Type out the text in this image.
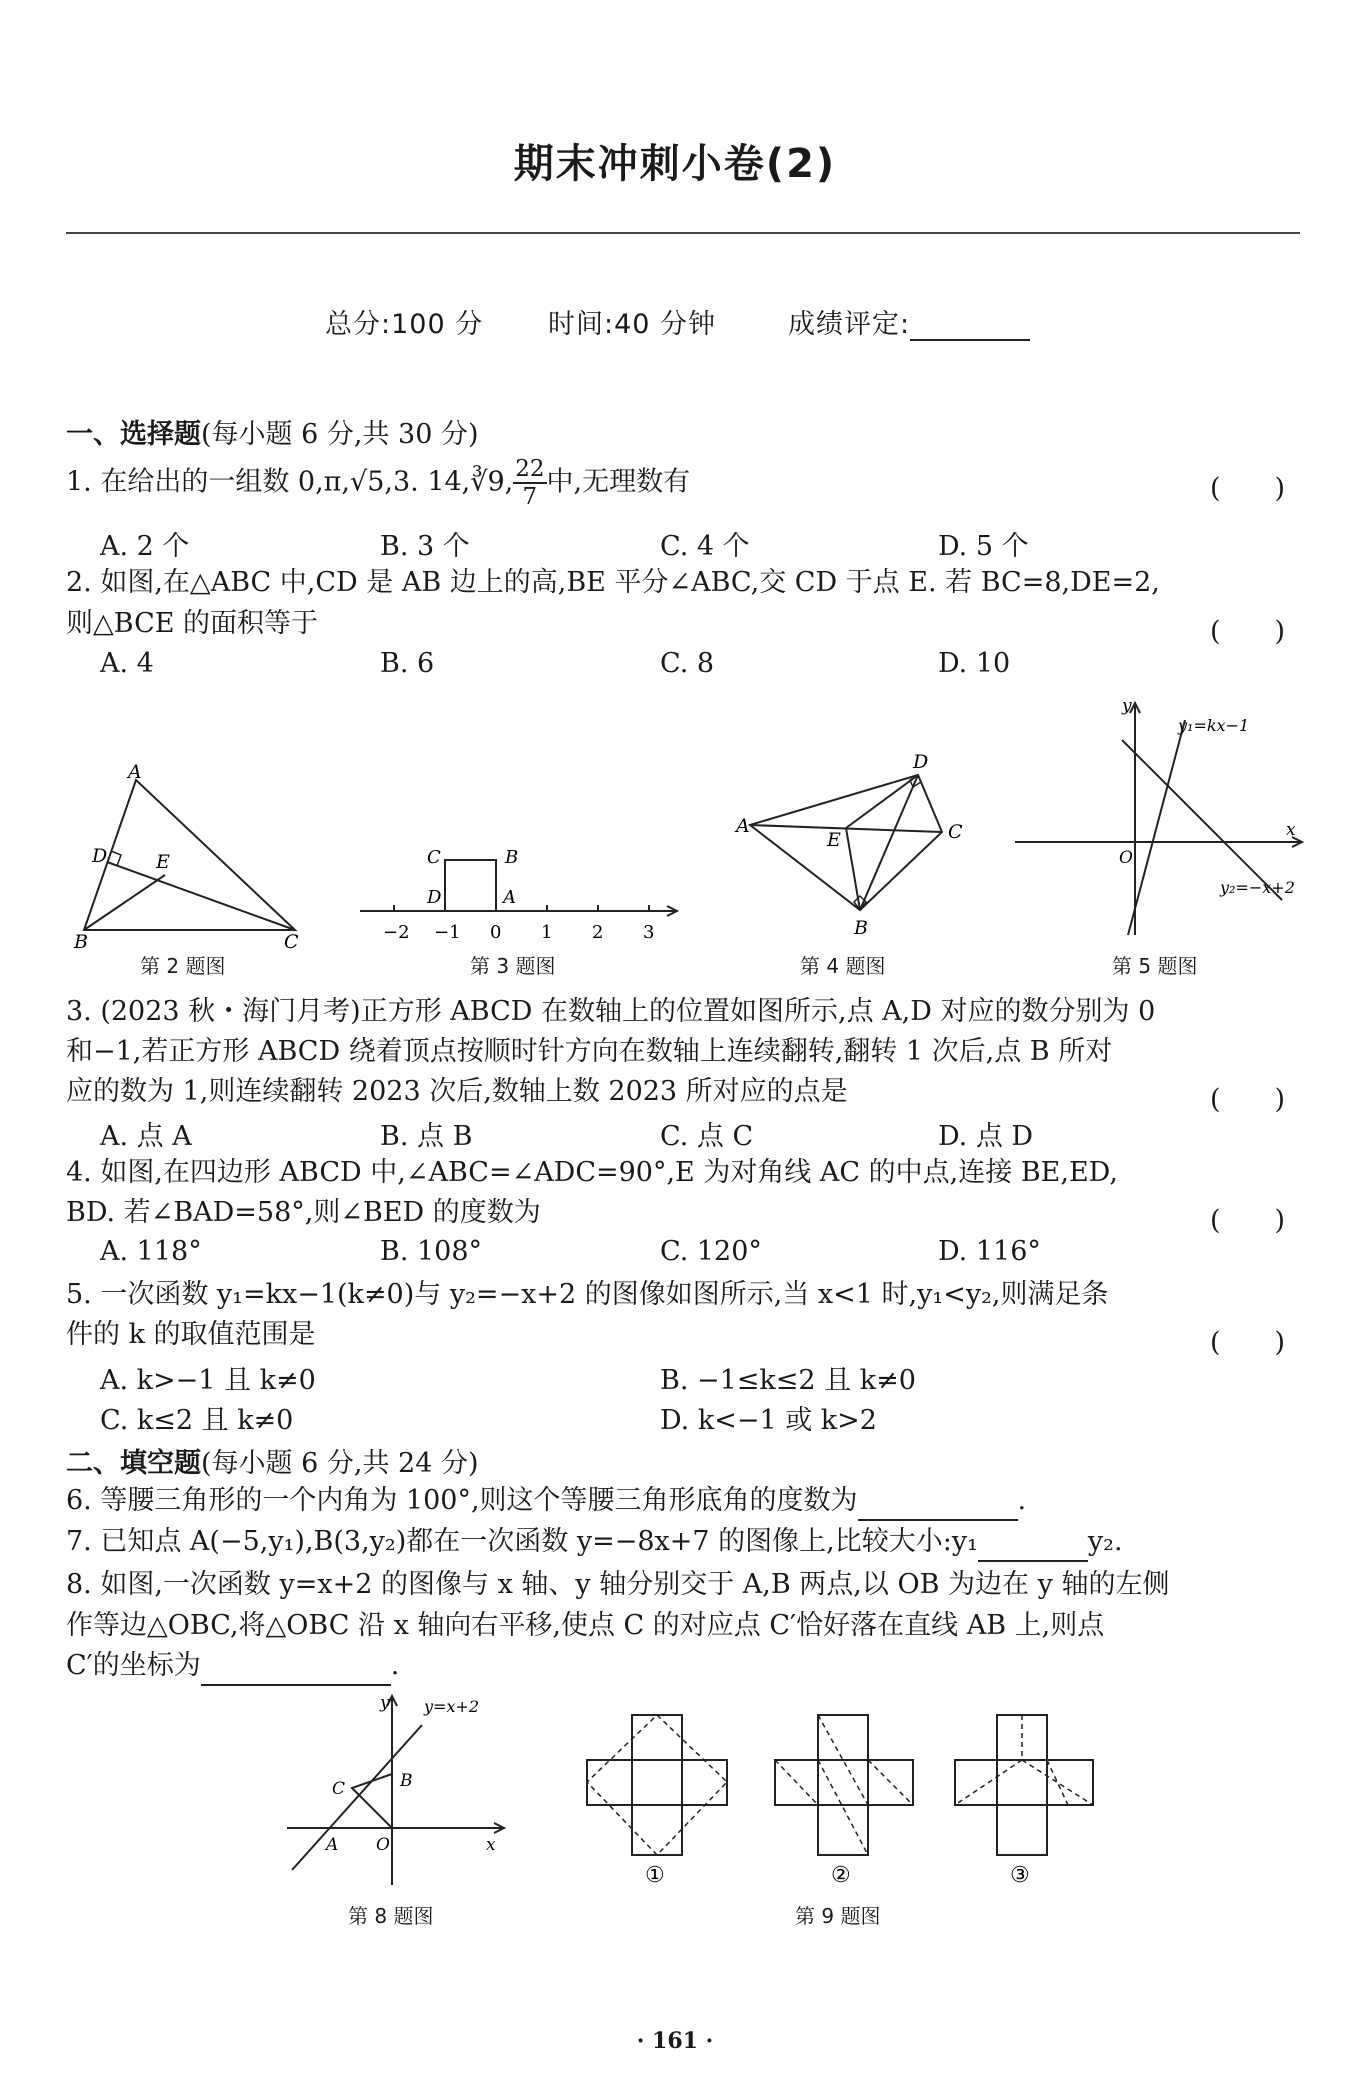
期末冲刺小卷(2)
总分:100 分 时间:40 分钟	成绩评定:
一、选择题(每小题 6 分,共 30 分)
1. 在给出的一组数 0,π,√5,3. 14,∛9, $\frac{22}{7}$ 中,无理数有	(　　)
A. 2 个	B. 3 个	C. 4 个	D. 5 个
2. 如图,在△ABC 中,CD 是 AB 边上的高,BE 平分∠ABC,交 CD 于点 E. 若 BC=8,DE=2,
则△BCE 的面积等于	(　　)
A. 4	B. 6	C. 8	D. 10
A
D	E
B	C
第 2 题图
C	B
D	A
−2 −1 0 1 2 3
第 3 题图
D
A
E	C
B
第 4 题图
y
x
O
y₁=kx−1
y₂=−x+2
第 5 题图
3. (2023 秋・海门月考)正方形 ABCD 在数轴上的位置如图所示,点 A,D 对应的数分别为 0
和−1,若正方形 ABCD 绕着顶点按顺时针方向在数轴上连续翻转,翻转 1 次后,点 B 所对
应的数为 1,则连续翻转 2023 次后,数轴上数 2023 所对应的点是	(　　)
A. 点 A	B. 点 B	C. 点 C	D. 点 D
4. 如图,在四边形 ABCD 中,∠ABC=∠ADC=90°,E 为对角线 AC 的中点,连接 BE,ED,
BD. 若∠BAD=58°,则∠BED 的度数为	(　　)
A. 118°	B. 108°	C. 120°	D. 116°
5. 一次函数 y₁=kx−1(k≠0)与 y₂=−x+2 的图像如图所示,当 x<1 时,y₁<y₂,则满足条
件的 k 的取值范围是	(　　)
A. k>−1 且 k≠0	B. −1≤k≤2 且 k≠0
C. k≤2 且 k≠0	D. k<−1 或 k>2
二、填空题(每小题 6 分,共 24 分)
6. 等腰三角形的一个内角为 100°,则这个等腰三角形底角的度数为	.
7. 已知点 A(−5,y₁),B(3,y₂)都在一次函数 y=−8x+7 的图像上,比较大小:y₁	y₂.
8. 如图,一次函数 y=x+2 的图像与 x 轴、y 轴分别交于 A,B 两点,以 OB 为边在 y 轴的左侧
作等边△OBC,将△OBC 沿 x 轴向右平移,使点 C 的对应点 C′恰好落在直线 AB 上,则点
C′的坐标为	.
y
x
B
C
A O
y=x+2
第 8 题图
①	②	③
第 9 题图
· 161 ·
